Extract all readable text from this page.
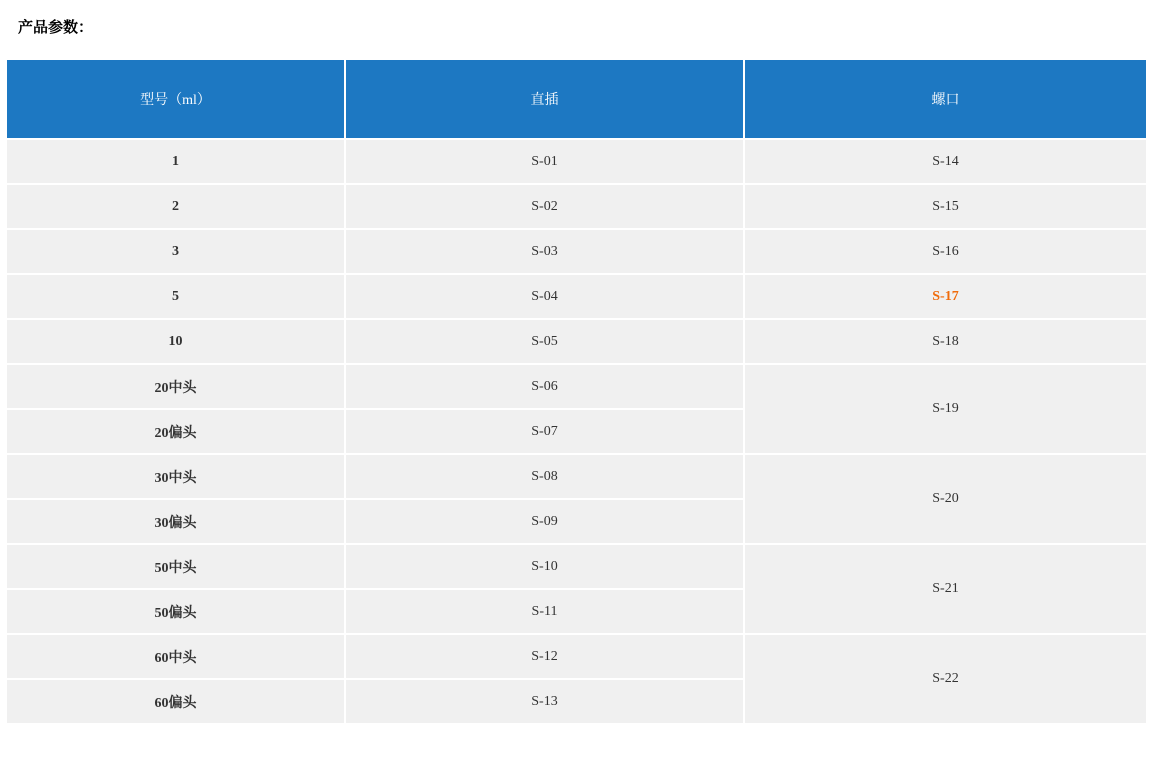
产品参数：
型号（ml）	直插	螺口
1	S-01	S-14
2	S-02	S-15
3	S-03	S-16
5	S-04	S-17
10	S-05	S-18
20中头	S-06	S-19
20偏头	S-07	
30中头	S-08	S-20
30偏头	S-09	
50中头	S-10	S-21
50偏头	S-11	
60中头	S-12	S-22
60偏头	S-13	
